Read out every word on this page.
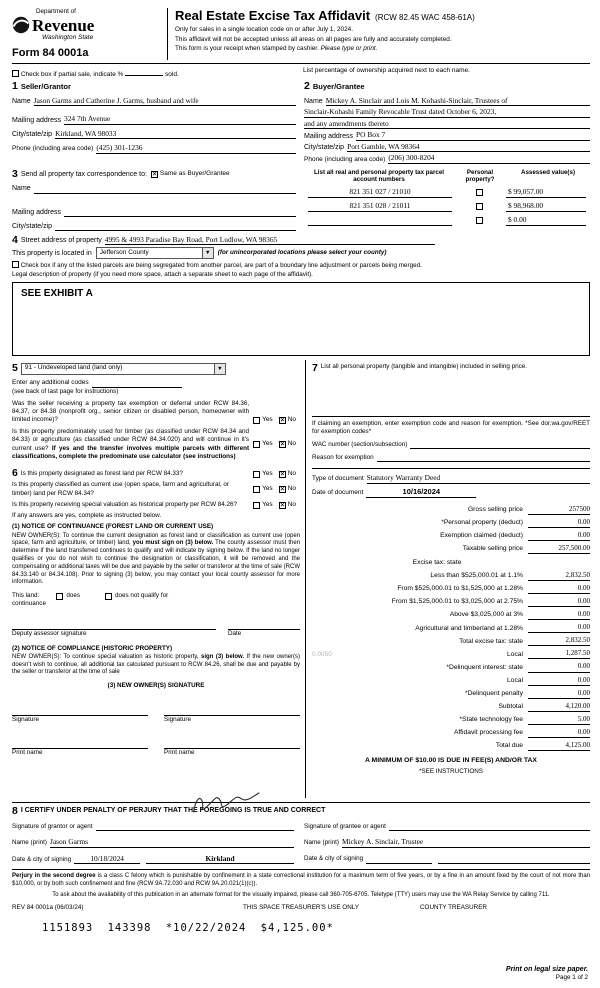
Department of
Revenue
Washington State
Form 84 0001a
Real Estate Excise Tax Affidavit (RCW 82.45 WAC 458-61A)
Only for sales in a single location code on or after July 1, 2024.
This affidavit will not be accepted unless all areas on all pages are fully and accurately completed.
This form is your receipt when stamped by cashier. Please type or print.
Check box if partial sale, indicate %	sold.
List percentage of ownership acquired next to each name.
1 Seller/Grantor
Name Jason Garms and Catherine J. Garms, husband and wife
Mailing address 324 7th Avenue
City/state/zip Kirkland, WA 98033
Phone (including area code) (425) 301-1236
2 Buyer/Grantee
Name Mickey A. Sinclair and Lois M. Kohashi-Sinclair, Trustees of
Sinclair-Kohashi Family Revocable Trust dated October 6, 2023,
and any amendments thereto
Mailing address PO Box 7
City/state/zip Port Gamble, WA 98364
Phone (including area code) (206) 300-8204
3 Send all property tax correspondence to: ✕ Same as Buyer/Grantee
Name
Mailing address
City/state/zip
List all real and personal property tax parcel account numbers
Personal property?
Assessed value(s)
821 351 027 / 21010	$ 99,057.00
821 351 028 / 21011	$ 98,968.00
$ 0.00
4 Street address of property 4995 & 4993 Paradise Bay Road, Port Ludlow, WA 98365
This property is located in Jefferson County ▼	(for unincorporated locations please select your county)
Check box if any of the listed parcels are being segregated from another parcel, are part of a boundary line adjustment or parcels being merged.
Legal description of property (if you need more space, attach a separate sheet to each page of the affidavit).
SEE EXHIBIT A
5 91 - Undeveloped land (land only)
▼
Enter any additional codes
(see back of last page for instructions)
Was the seller receiving a property tax exemption or deferral under RCW 84.36, 84.37, or 84.38 (nonprofit org., senior citizen or disabled person, homeowner with limited income)?	Yes ✕ No
Is this property predominately used for timber (as classified under RCW 84.34 and 84.33) or agriculture (as classified under RCW 84.34.020) and will continue in it's current use? If yes and the transfer involves multiple parcels with different classifications, complete the predominate use calculator (see instructions)
Yes ✕ No
6 Is this property designated as forest land per RCW 84.33?	Yes ✕ No
Is this property classified as current use (open space, farm and agricultural, or timber) land per RCW 84.34?
Yes ✕ No
Is this property receiving special valuation as historical property per RCW 84.26?	Yes ✕ No
If any answers are yes, complete as instructed below.
(1) NOTICE OF CONTINUANCE (FOREST LAND OR CURRENT USE)

NEW OWNER(S): To continue the current designation as forest land or classification as current use (open space, farm and agriculture, or timber) land, you must sign on (3) below. The county assessor must then determine if the land transferred continues to qualify and will indicate by signing below. If the land no longer qualifies or you do not wish to continue the designation or classification, it will be removed and the compensating or additional taxes will be due and payable by the seller or transferor at the time of sale (RCW 84.33.140 or 84.34.108). Prior to signing (3) below, you may contact your local county assessor for more information.

This land:	does	does not qualify for
continuance
Deputy assessor signature	Date
(2) NOTICE OF COMPLIANCE (HISTORIC PROPERTY)

NEW OWNER(S): To continue special valuation as historic property, sign (3) below. If the new owner(s) doesn't wish to continue, all additional tax calculated pursuant to RCW 84.26, shall be due and payable by the seller or transferor at the time of sale

(3) NEW OWNER(S) SIGNATURE
Signature	Signature
Print name	Print name
7 List all personal property (tangible and intangible) included in selling price.

If claiming an exemption, enter exemption code and reason for exemption. *See dor.wa.gov/REET for exemption codes*

WAC number (section/subsection)
Reason for exemption
Type of document Statutory Warranty Deed
Date of document	10/16/2024
Gross selling price	257500
*Personal property (deduct)	0.00
Exemption claimed (deduct)	0.00
Taxable selling price	257,500.00
Excise tax: state
Less than $525,000.01 at 1.1%	2,832.50
From $525,000.01 to $1,525,000 at 1.28%	0.00
From $1,525,000.01 to $3,025,000 at 2.75%	0.00
Above $3,025,000 at 3%	0.00
Agricultural and timberland at 1.28%	0.00
Total excise tax: state	2,832.50
0.0050	Local	1,287.50
*Delinquent interest: state	0.00
Local	0.00
*Delinquent penalty	0.00
Subtotal	4,120.00
*State technology fee	5.00
Affidavit processing fee	0.00
Total due	4,125.00
A MINIMUM OF $10.00 IS DUE IN FEE(S) AND/OR TAX
*SEE INSTRUCTIONS
8 I CERTIFY UNDER PENALTY OF PERJURY THAT THE FOREGOING IS TRUE AND CORRECT
Signature of grantor or agent
Name (print) Jason Garms
Date & city of signing	10/18/2024	Kirkland
Signature of grantee or agent
Name (print) Mickey A. Sinclair, Trustee
Date & city of signing

Perjury in the second degree is a class C felony which is punishable by confinement in a state correctional institution for a maximum term of five years, or by a fine in an amount fixed by the court of not more than $10,000, or by both such confinement and fine (RCW 9A.72.030 and RCW 9A.20.021(1)(c)).

To ask about the availability of this publication in an alternate format for the visually impaired, please call 360-705-6705. Teletype (TTY) users may use the WA Relay Service by calling 711.

REV 84 0001a (06/03/24)	THIS SPACE TREASURER'S USE ONLY	COUNTY TREASURER
1151893 143398 *10/22/2024 $4,125.00*
Print on legal size paper.
Page 1 of 2
